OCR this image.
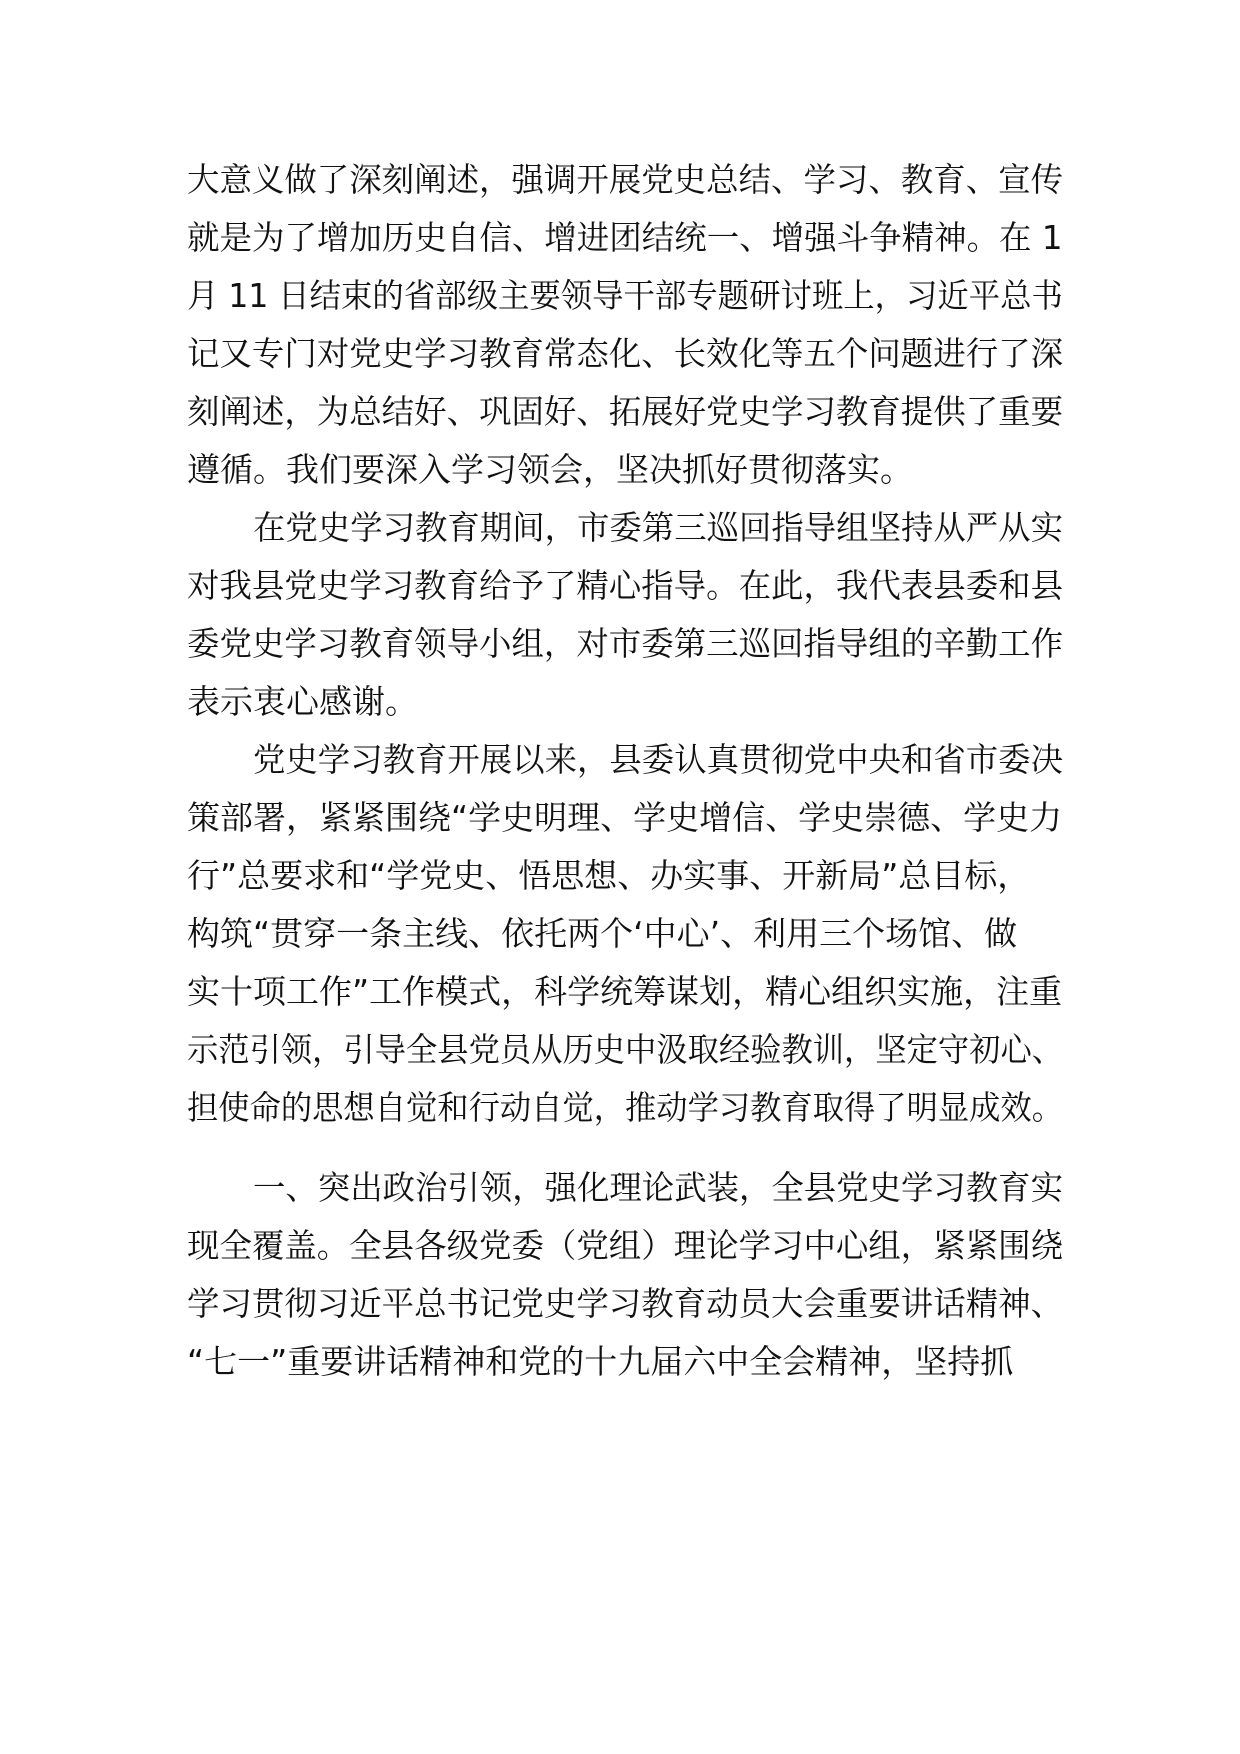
大意义做了深刻阐述，强调开展党史总结、学习、教育、宣传
就是为了增加历史自信、增进团结统一、增强斗争精神。在 1
月 11 日结束的省部级主要领导干部专题研讨班上，习近平总书
记又专门对党史学习教育常态化、长效化等五个问题进行了深
刻阐述，为总结好、巩固好、拓展好党史学习教育提供了重要
遵循。我们要深入学习领会，坚决抓好贯彻落实。
在党史学习教育期间，市委第三巡回指导组坚持从严从实
对我县党史学习教育给予了精心指导。在此，我代表县委和县
委党史学习教育领导小组，对市委第三巡回指导组的辛勤工作
表示衷心感谢。
党史学习教育开展以来，县委认真贯彻党中央和省市委决
策部署，紧紧围绕“学史明理、学史增信、学史崇德、学史力
行”总要求和“学党史、悟思想、办实事、开新局”总目标，
构筑“贯穿一条主线、依托两个‘中心’、利用三个场馆、做
实十项工作”工作模式，科学统筹谋划，精心组织实施，注重
示范引领，引导全县党员从历史中汲取经验教训，坚定守初心、
担使命的思想自觉和行动自觉，推动学习教育取得了明显成效。
一、突出政治引领，强化理论武装，全县党史学习教育实
现全覆盖。全县各级党委（党组）理论学习中心组，紧紧围绕
学习贯彻习近平总书记党史学习教育动员大会重要讲话精神、
“七一”重要讲话精神和党的十九届六中全会精神，坚持抓
